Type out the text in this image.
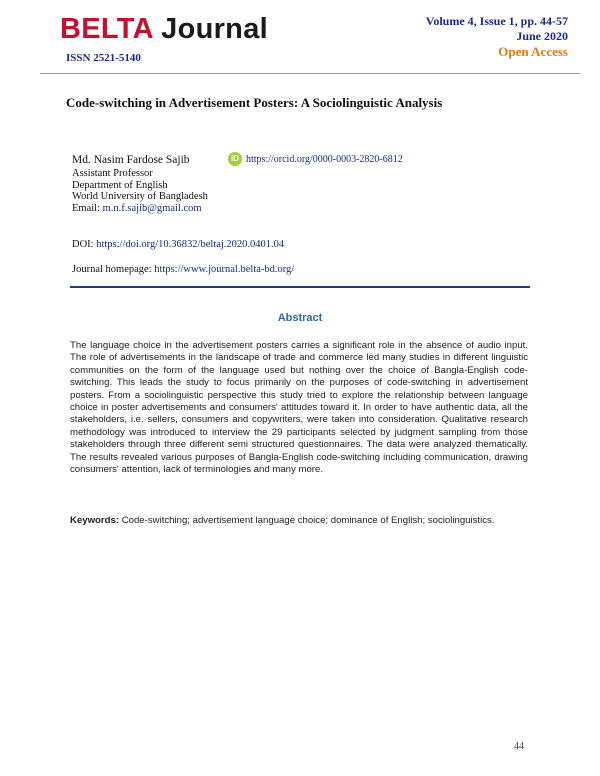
BELTA Journal
ISSN 2521-5140
Volume 4, Issue 1, pp. 44-57
June 2020
Open Access
Code-switching in Advertisement Posters: A Sociolinguistic Analysis
Md. Nasim Fardose Sajib
Assistant Professor
Department of English
World University of Bangladesh
Email: m.n.f.sajib@gmail.com
iD https://orcid.org/0000-0003-2820-6812
DOI: https://doi.org/10.36832/beltaj.2020.0401.04
Journal homepage: https://www.journal.belta-bd.org/
Abstract
The language choice in the advertisement posters carries a significant role in the absence of audio input. The role of advertisements in the landscape of trade and commerce led many studies in different linguistic communities on the form of the language used but nothing over the choice of Bangla-English code-switching. This leads the study to focus primarily on the purposes of code-switching in advertisement posters. From a sociolinguistic perspective this study tried to explore the relationship between language choice in poster advertisements and consumers' attitudes toward it. In order to have authentic data, all the stakeholders, i.e. sellers, consumers and copywriters, were taken into consideration. Qualitative research methodology was introduced to interview the 29 participants selected by judgment sampling from those stakeholders through three different semi structured questionnaires. The data were analyzed thematically. The results revealed various purposes of Bangla-English code-switching including communication, drawing consumers' attention, lack of terminologies and many more.
Keywords: Code-switching; advertisement language choice; dominance of English; sociolinguistics.
44
